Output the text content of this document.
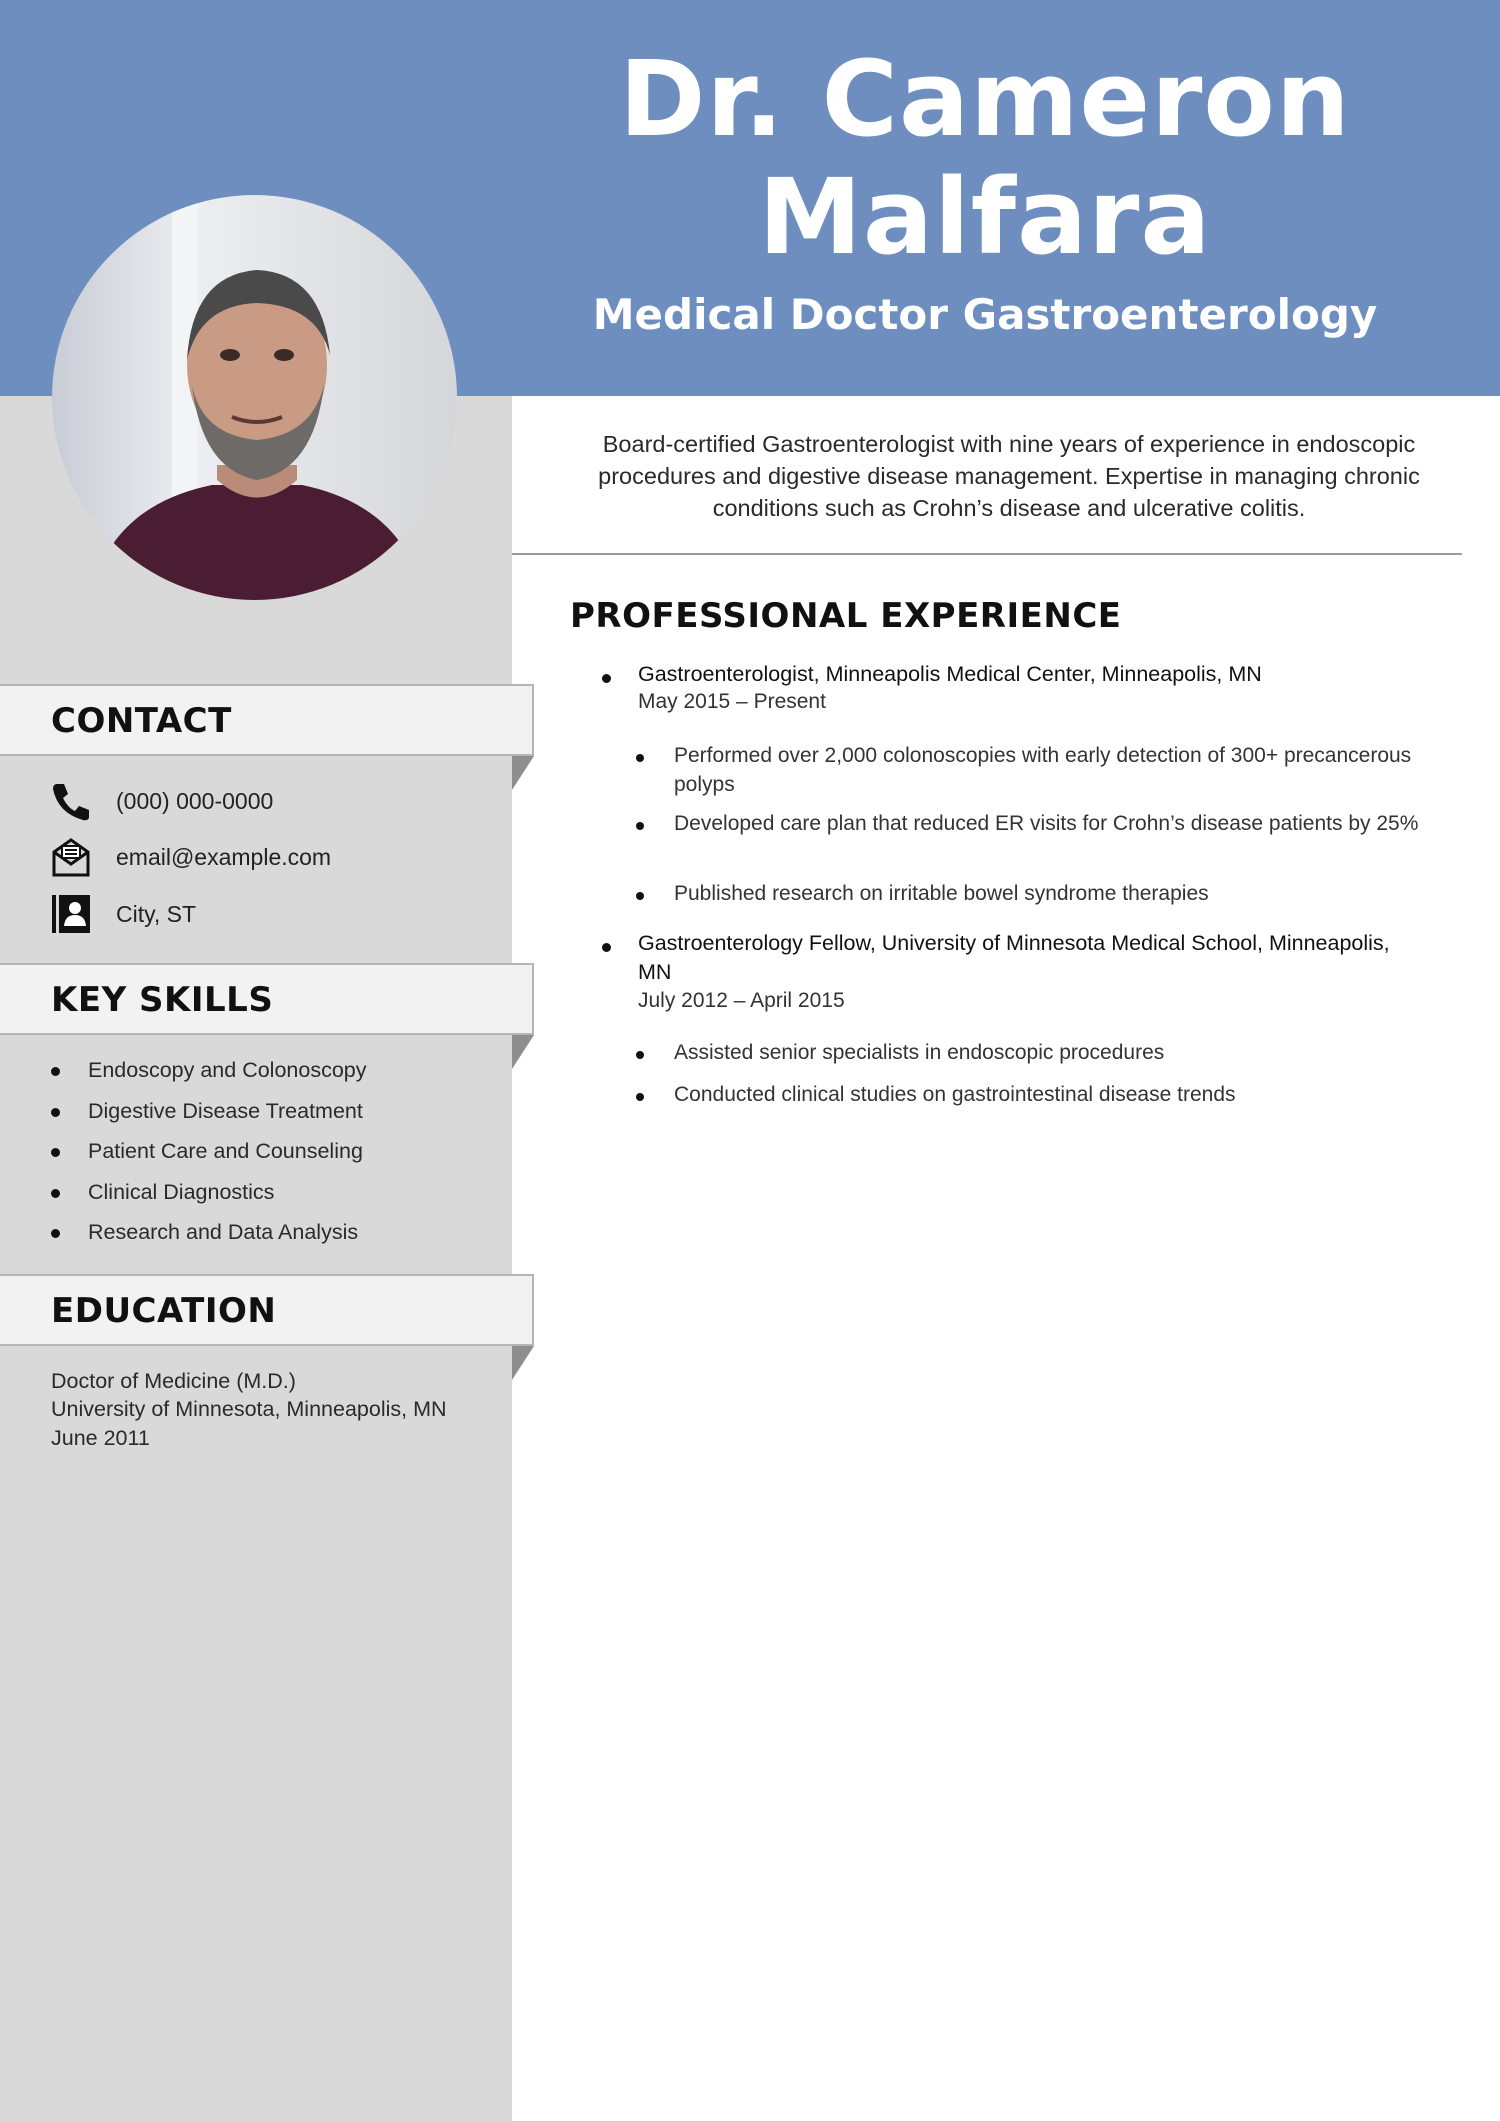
Dr. Cameron
Malfara
Medical Doctor Gastroenterology
Board-certified Gastroenterologist with nine years of experience in endoscopic procedures and digestive disease management. Expertise in managing chronic conditions such as Crohn’s disease and ulcerative colitis.
PROFESSIONAL EXPERIENCE
Gastroenterologist, Minneapolis Medical Center, Minneapolis, MN
May 2015 – Present
Performed over 2,000 colonoscopies with early detection of 300+ precancerous polyps
Developed care plan that reduced ER visits for Crohn’s disease patients by 25%
Published research on irritable bowel syndrome therapies
Gastroenterology Fellow, University of Minnesota Medical School, Minneapolis, MN
July 2012 – April 2015
Assisted senior specialists in endoscopic procedures
Conducted clinical studies on gastrointestinal disease trends
CONTACT
(000) 000-0000
email@example.com
City, ST
KEY SKILLS
Endoscopy and Colonoscopy
Digestive Disease Treatment
Patient Care and Counseling
Clinical Diagnostics
Research and Data Analysis
EDUCATION
Doctor of Medicine (M.D.)
University of Minnesota, Minneapolis, MN
June 2011
